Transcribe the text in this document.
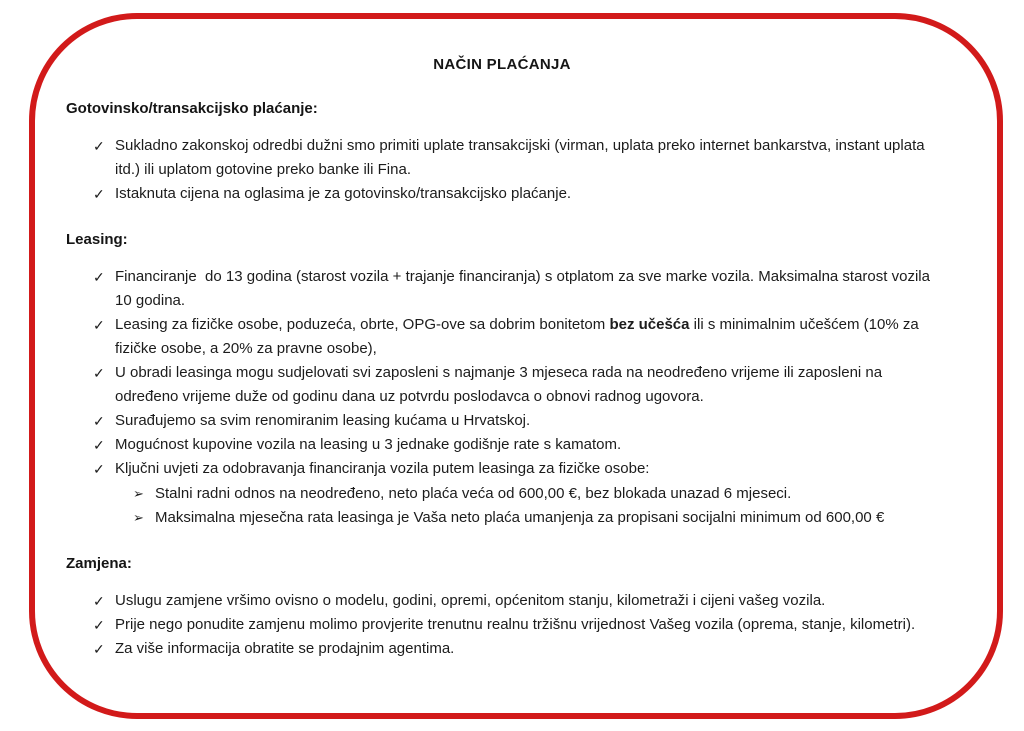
NAČIN PLAĆANJA
Gotovinsko/transakcijsko plaćanje:
✓ Sukladno zakonskoj odredbi dužni smo primiti uplate transakcijski (virman, uplata preko internet bankarstva, instant uplata itd.) ili uplatom gotovine preko banke ili Fina.
✓ Istaknuta cijena na oglasima je za gotovinsko/transakcijsko plaćanje.
Leasing:
✓ Financiranje  do 13 godina (starost vozila + trajanje financiranja) s otplatom za sve marke vozila. Maksimalna starost vozila 10 godina.
✓ Leasing za fizičke osobe, poduzeća, obrte, OPG-ove sa dobrim bonitetom bez učešća ili s minimalnim učešćem (10% za fizičke osobe, a 20% za pravne osobe),
✓ U obradi leasinga mogu sudjelovati svi zaposleni s najmanje 3 mjeseca rada na neodređeno vrijeme ili zaposleni na određeno vrijeme duže od godinu dana uz potvrdu poslodavca o obnovi radnog ugovora.
✓ Surađujemo sa svim renomiranim leasing kućama u Hrvatskoj.
✓ Mogućnost kupovine vozila na leasing u 3 jednake godišnje rate s kamatom.
✓ Ključni uvjeti za odobravanja financiranja vozila putem leasinga za fizičke osobe:
➢ Stalni radni odnos na neodređeno, neto plaća veća od 600,00 €, bez blokada unazad 6 mjeseci.
➢ Maksimalna mjesečna rata leasinga je Vaša neto plaća umanjenja za propisani socijalni minimum od 600,00 €
Zamjena:
✓ Uslugu zamjene vršimo ovisno o modelu, godini, opremi, općenitom stanju, kilometraži i cijeni vašeg vozila.
✓ Prije nego ponudite zamjenu molimo provjerite trenutnu realnu tržišnu vrijednost Vašeg vozila (oprema, stanje, kilometri).
✓ Za više informacija obratite se prodajnim agentima.
